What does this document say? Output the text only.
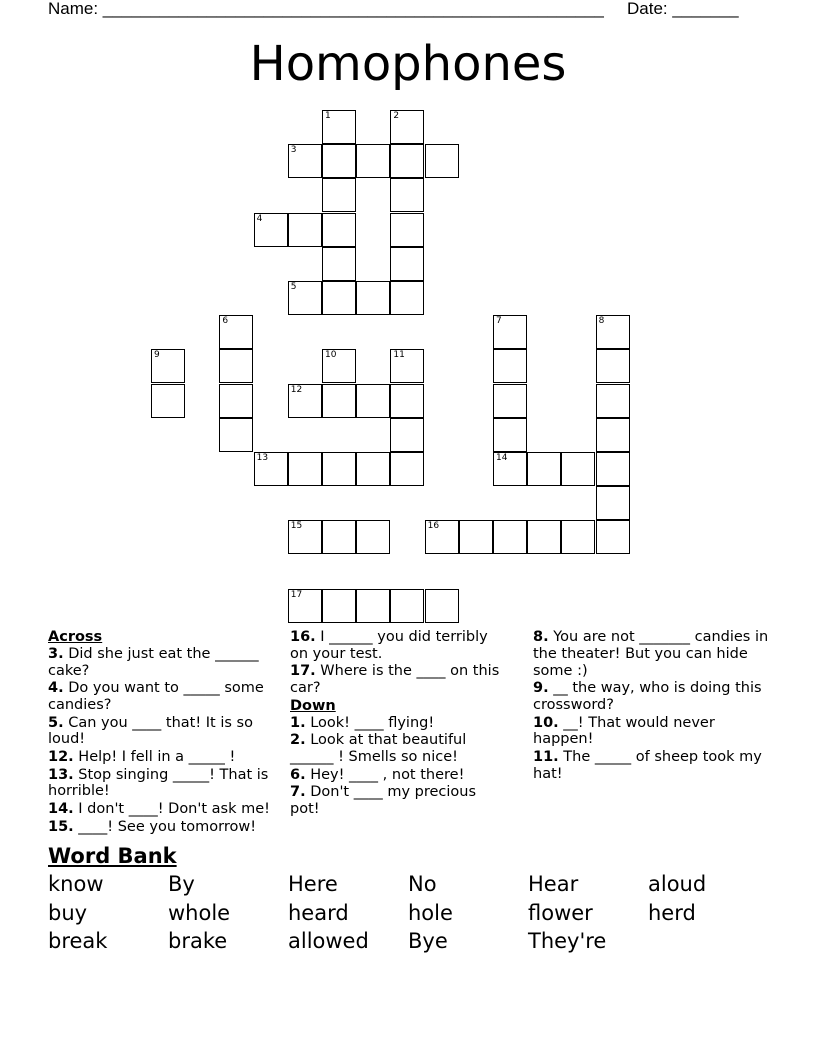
Name: _____________________________________________________ Date: _______
Homophones
1	2
3
4
5
6	7	8
9	10	11
12
13	14
15	16
17
Across
3. Did she just eat the ______ cake?
4. Do you want to _____ some candies?
5. Can you ____ that! It is so loud!
12. Help! I fell in a _____ !
13. Stop singing _____! That is horrible!
14. I don't ____! Don't ask me!
15. ____! See you tomorrow!
16. I ______ you did terribly on your test.
17. Where is the ____ on this car?
Down
1. Look! ____ flying!
2. Look at that beautiful ______ ! Smells so nice!
6. Hey! ____ , not there!
7. Don't ____ my precious pot!
8. You are not _______ candies in the theater! But you can hide some :)
9. __ the way, who is doing this crossword?
10. __! That would never happen!
11. The _____ of sheep took my hat!
Word Bank
know	By	Here	No	Hear	aloud
buy	whole	heard	hole	flower	herd
break	brake	allowed	Bye	They're
